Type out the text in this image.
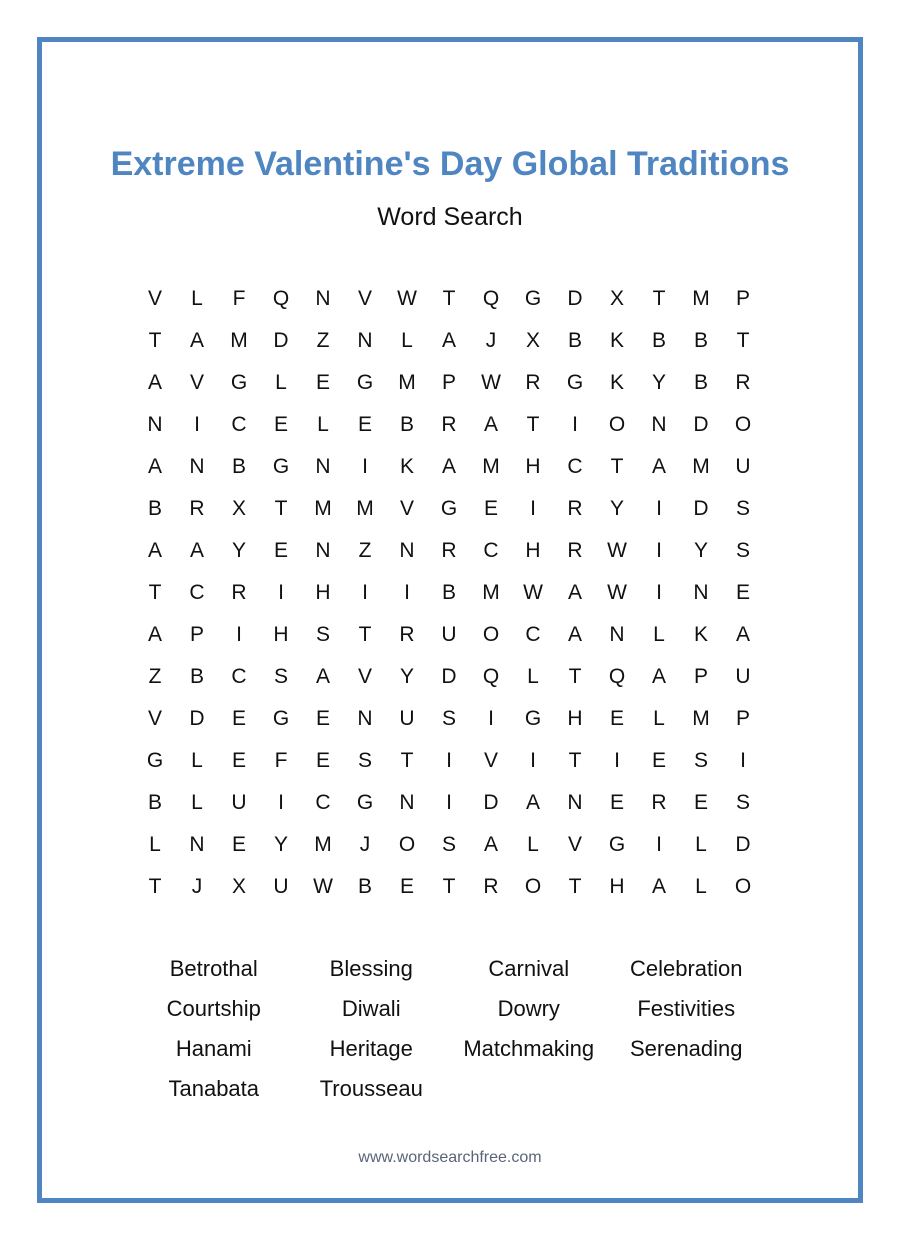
Extreme Valentine's Day Global Traditions
Word Search
V	L	F	Q	N	V	W	T	Q	G	D	X	T	M	P
T	A	M	D	Z	N	L	A	J	X	B	K	B	B	T
A	V	G	L	E	G	M	P	W	R	G	K	Y	B	R
N	I	C	E	L	E	B	R	A	T	I	O	N	D	O
A	N	B	G	N	I	K	A	M	H	C	T	A	M	U
B	R	X	T	M	M	V	G	E	I	R	Y	I	D	S
A	A	Y	E	N	Z	N	R	C	H	R	W	I	Y	S
T	C	R	I	H	I	I	B	M	W	A	W	I	N	E
A	P	I	H	S	T	R	U	O	C	A	N	L	K	A
Z	B	C	S	A	V	Y	D	Q	L	T	Q	A	P	U
V	D	E	G	E	N	U	S	I	G	H	E	L	M	P
G	L	E	F	E	S	T	I	V	I	T	I	E	S	I
B	L	U	I	C	G	N	I	D	A	N	E	R	E	S
L	N	E	Y	M	J	O	S	A	L	V	G	I	L	D
T	J	X	U	W	B	E	T	R	O	T	H	A	L	O
Betrothal	Blessing	Carnival	Celebration
Courtship	Diwali	Dowry	Festivities
Hanami	Heritage	Matchmaking	Serenading
Tanabata	Trousseau
www.wordsearchfree.com
